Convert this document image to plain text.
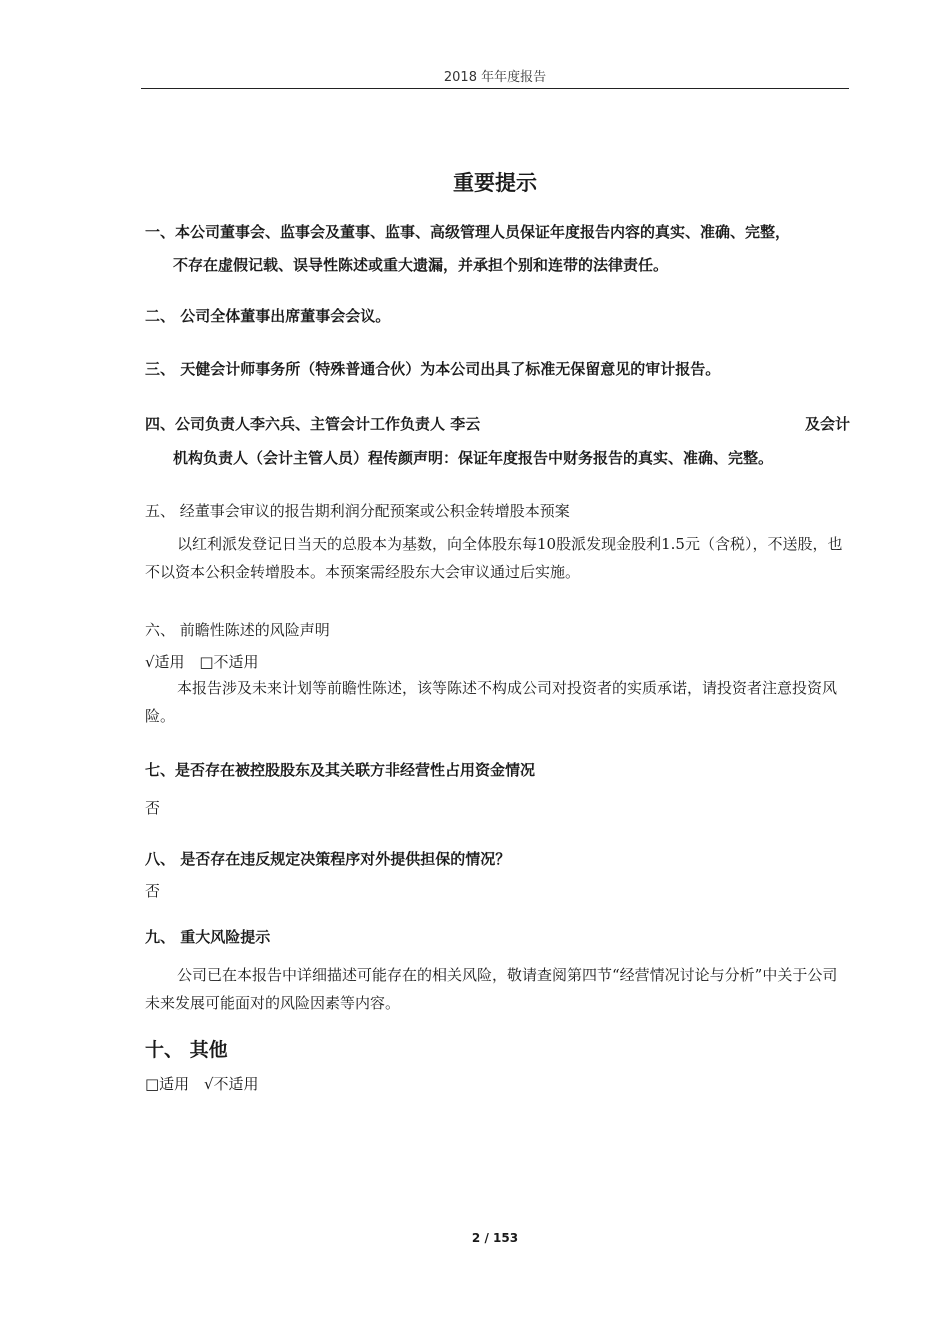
2018 年年度报告
重要提示
一、本公司董事会、监事会及董事、监事、高级管理人员保证年度报告内容的真实、准确、完整，
不存在虚假记载、误导性陈述或重大遗漏，并承担个别和连带的法律责任。
二、 公司全体董事出席董事会会议。
三、 天健会计师事务所（特殊普通合伙）为本公司出具了标准无保留意见的审计报告。
四、公司负责人李六兵、主管会计工作负责人 李云	及会计
机构负责人（会计主管人员）程传颜声明：保证年度报告中财务报告的真实、准确、完整。
五、 经董事会审议的报告期利润分配预案或公积金转增股本预案
以红利派发登记日当天的总股本为基数，向全体股东每10股派发现金股利1.5元（含税），不送股，也不以资本公积金转增股本。本预案需经股东大会审议通过后实施。
六、 前瞻性陈述的风险声明
√适用 □不适用
本报告涉及未来计划等前瞻性陈述，该等陈述不构成公司对投资者的实质承诺，请投资者注意投资风险。
七、是否存在被控股股东及其关联方非经营性占用资金情况
否
八、 是否存在违反规定决策程序对外提供担保的情况？
否
九、 重大风险提示
公司已在本报告中详细描述可能存在的相关风险，敬请查阅第四节“经营情况讨论与分析”中关于公司未来发展可能面对的风险因素等内容。
十、 其他
□适用 √不适用
2 / 153
